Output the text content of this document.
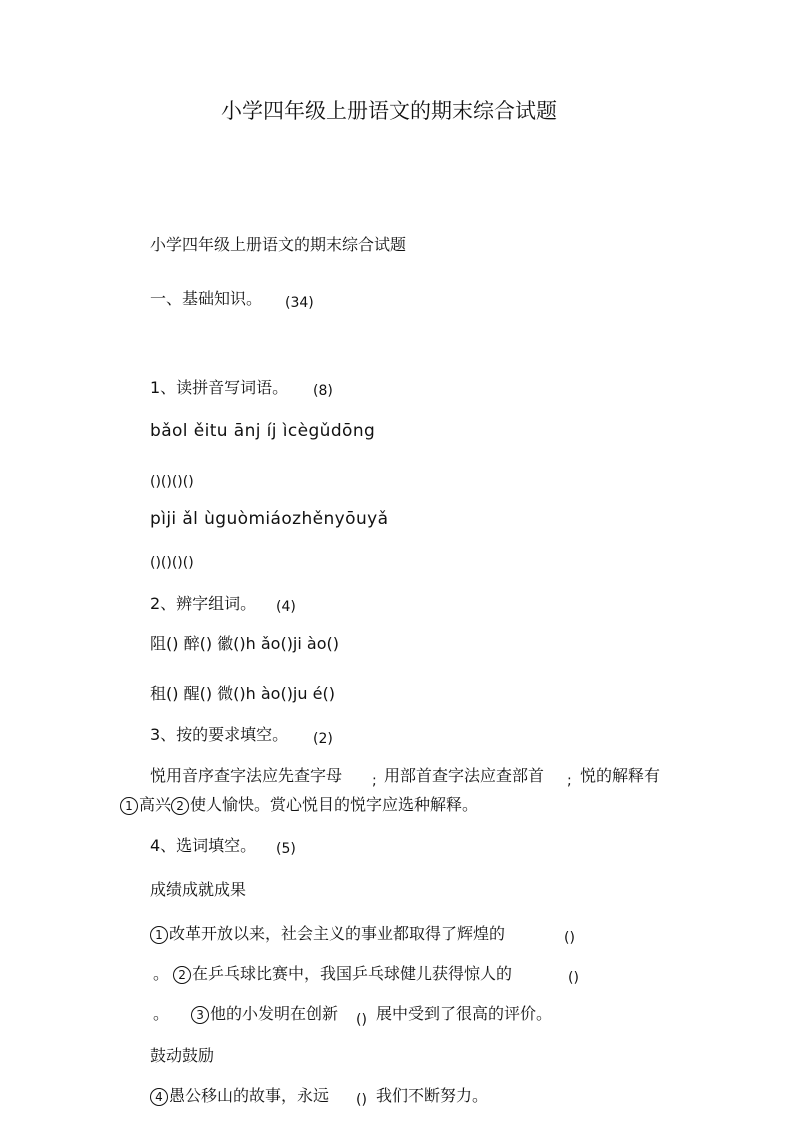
小学四年级上册语文的期末综合试题
小学四年级上册语文的期末综合试题
一、基础知识。 (34)
1、读拼音写词语。 (8)
bǎol ěitu ānj íj ìcègǔdōng
()()()()
pìji ǎl ùguòmiáozhěnyōuyǎ
()()()()
2、辨字组词。 (4)
阻() 醉() 徽()h ǎo()ji ào()
租() 醒() 微()h ào()ju é()
3、按的要求填空。 (2)
悦用音序查字法应先查字母 ; 用部首查字法应查部首 ; 悦的解释有
1 高兴 2 使人愉快。赏心悦目的悦字应选种解释。
4、选词填空。 (5)
成绩成就成果
1 改革开放以来，社会主义的事业都取得了辉煌的	()
。 2 在乒乓球比赛中，我国乒乓球健儿获得惊人的	()
。 3 他的小发明在创新 () 展中受到了很高的评价。
鼓动鼓励
4 愚公移山的故事，永远 () 我们不断努力。
